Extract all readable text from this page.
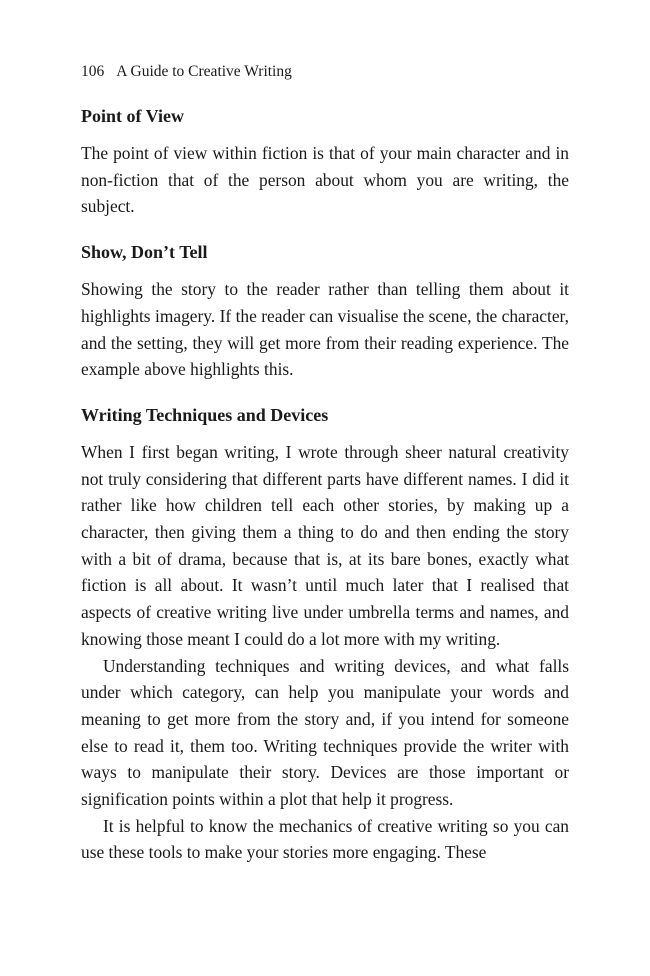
106 A Guide to Creative Writing
Point of View

The point of view within fiction is that of your main character and in non-fiction that of the person about whom you are writing, the subject.

Show, Don’t Tell

Showing the story to the reader rather than telling them about it highlights imagery. If the reader can visualise the scene, the character, and the setting, they will get more from their reading experience. The example above highlights this.

Writing Techniques and Devices

When I first began writing, I wrote through sheer natural creativity not truly considering that different parts have different names. I did it rather like how children tell each other stories, by making up a character, then giving them a thing to do and then ending the story with a bit of drama, because that is, at its bare bones, exactly what fiction is all about. It wasn’t until much later that I realised that aspects of creative writing live under umbrella terms and names, and knowing those meant I could do a lot more with my writing.

Understanding techniques and writing devices, and what falls under which category, can help you manipulate your words and meaning to get more from the story and, if you intend for someone else to read it, them too. Writing techniques provide the writer with ways to manipulate their story. Devices are those important or signification points within a plot that help it progress.

It is helpful to know the mechanics of creative writing so you can use these tools to make your stories more engaging. These
